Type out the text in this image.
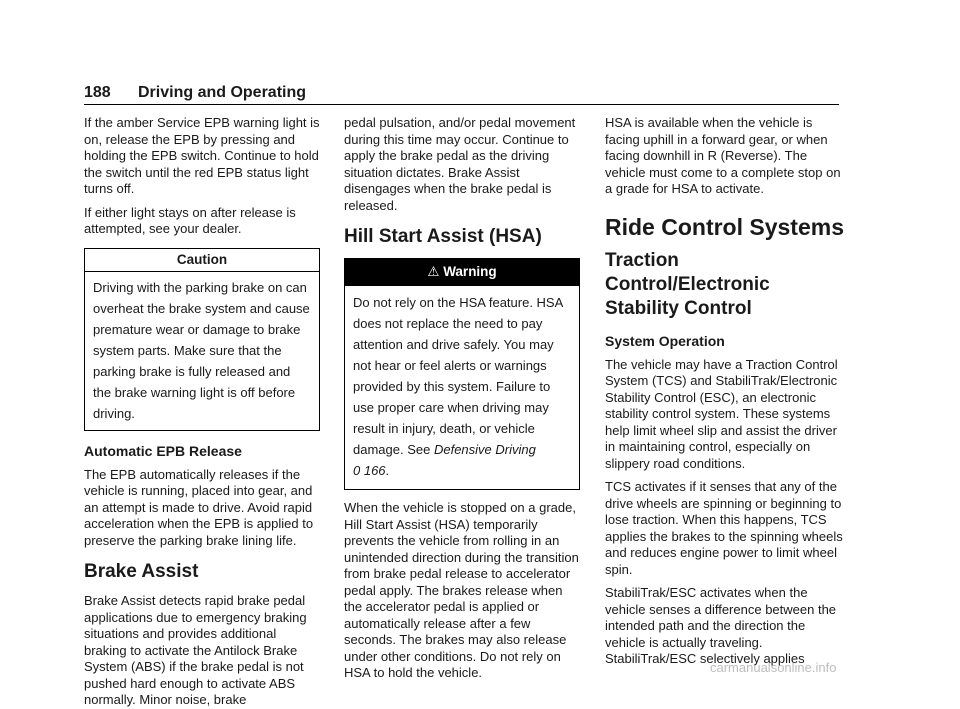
188 Driving and Operating

If the amber Service EPB warning light is on, release the EPB by pressing and holding the EPB switch. Continue to hold the switch until the red EPB status light turns off.

If either light stays on after release is attempted, see your dealer.

Caution
Driving with the parking brake on can overheat the brake system and cause premature wear or damage to brake system parts. Make sure that the parking brake is fully released and the brake warning light is off before driving.
Automatic EPB Release

The EPB automatically releases if the vehicle is running, placed into gear, and an attempt is made to drive. Avoid rapid acceleration when the EPB is applied to preserve the parking brake lining life.

Brake Assist

Brake Assist detects rapid brake pedal applications due to emergency braking situations and provides additional braking to activate the Antilock Brake System (ABS) if the brake pedal is not pushed hard enough to activate ABS normally. Minor noise, brake

pedal pulsation, and/or pedal movement during this time may occur. Continue to apply the brake pedal as the driving situation dictates. Brake Assist disengages when the brake pedal is released.

Hill Start Assist (HSA)
⚠ Warning
Do not rely on the HSA feature. HSA does not replace the need to pay attention and drive safely. You may not hear or feel alerts or warnings provided by this system. Failure to use proper care when driving may result in injury, death, or vehicle damage. See Defensive Driving
0 166.

When the vehicle is stopped on a grade, Hill Start Assist (HSA) temporarily prevents the vehicle from rolling in an unintended direction during the transition from brake pedal release to accelerator pedal apply. The brakes release when the accelerator pedal is applied or automatically release after a few seconds. The brakes may also release under other conditions. Do not rely on HSA to hold the vehicle.

HSA is available when the vehicle is facing uphill in a forward gear, or when facing downhill in R (Reverse). The vehicle must come to a complete stop on a grade for HSA to activate.

Ride Control Systems
Traction Control/Electronic
Stability Control
System Operation

The vehicle may have a Traction Control System (TCS) and StabiliTrak/Electronic Stability Control (ESC), an electronic stability control system. These systems help limit wheel slip and assist the driver in maintaining control, especially on slippery road conditions.

TCS activates if it senses that any of the drive wheels are spinning or beginning to lose traction. When this happens, TCS applies the brakes to the spinning wheels and reduces engine power to limit wheel spin.

StabiliTrak/ESC activates when the vehicle senses a difference between the intended path and the direction the vehicle is actually traveling. StabiliTrak/ESC selectively applies

carmanualsonline.info
